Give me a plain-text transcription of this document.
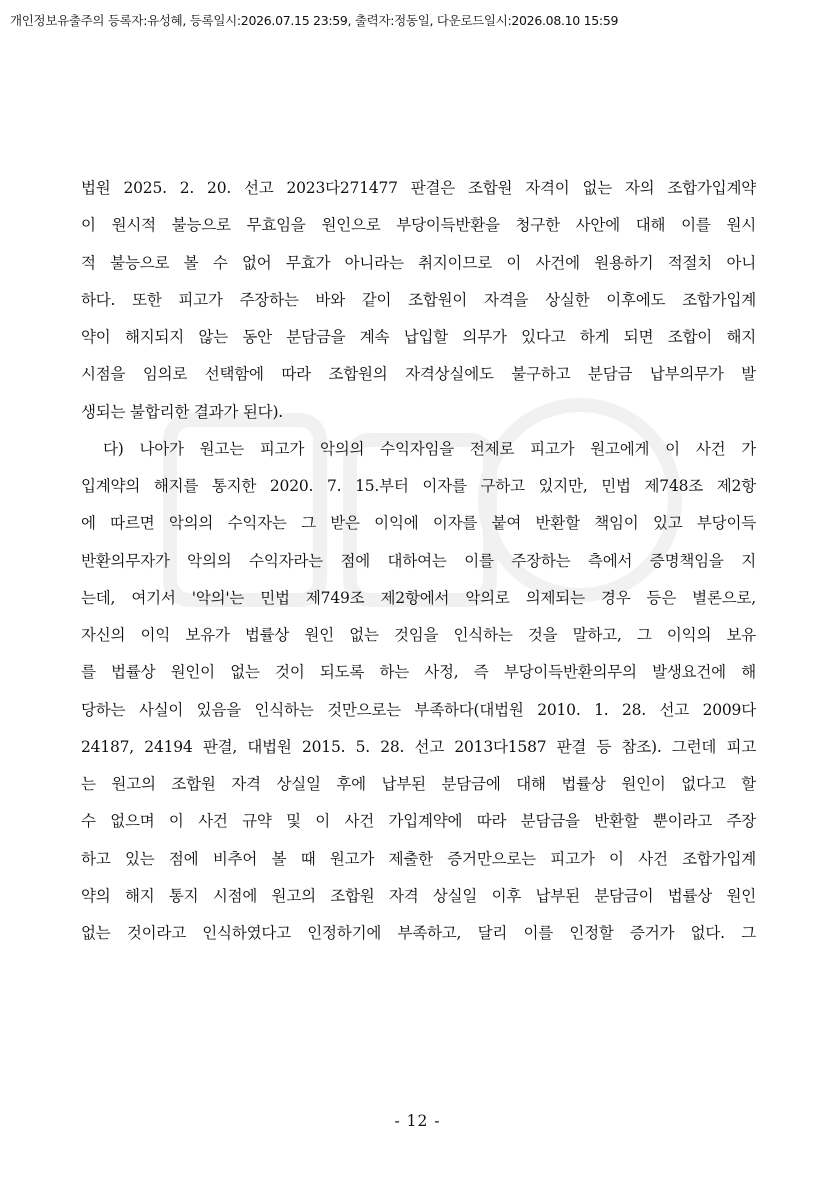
개인정보유출주의 등록자:유성혜, 등록일시:2026.07.15 23:59, 출력자:정동일, 다운로드일시:2026.08.10 15:59
법원 2025. 2. 20. 선고 2023다271477 판결은 조합원 자격이 없는 자의 조합가입계약
이 원시적 불능으로 무효임을 원인으로 부당이득반환을 청구한 사안에 대해 이를 원시
적 불능으로 볼 수 없어 무효가 아니라는 취지이므로 이 사건에 원용하기 적절치 아니
하다. 또한 피고가 주장하는 바와 같이 조합원이 자격을 상실한 이후에도 조합가입계
약이 해지되지 않는 동안 분담금을 계속 납입할 의무가 있다고 하게 되면 조합이 해지
시점을 임의로 선택함에 따라 조합원의 자격상실에도 불구하고 분담금 납부의무가 발
생되는 불합리한 결과가 된다).
다) 나아가 원고는 피고가 악의의 수익자임을 전제로 피고가 원고에게 이 사건 가
입계약의 해지를 통지한 2020. 7. 15.부터 이자를 구하고 있지만, 민법 제748조 제2항
에 따르면 악의의 수익자는 그 받은 이익에 이자를 붙여 반환할 책임이 있고 부당이득
반환의무자가 악의의 수익자라는 점에 대하여는 이를 주장하는 측에서 증명책임을 지
는데, 여기서 '악의'는 민법 제749조 제2항에서 악의로 의제되는 경우 등은 별론으로,
자신의 이익 보유가 법률상 원인 없는 것임을 인식하는 것을 말하고, 그 이익의 보유
를 법률상 원인이 없는 것이 되도록 하는 사정, 즉 부당이득반환의무의 발생요건에 해
당하는 사실이 있음을 인식하는 것만으로는 부족하다(대법원 2010. 1. 28. 선고 2009다
24187, 24194 판결, 대법원 2015. 5. 28. 선고 2013다1587 판결 등 참조). 그런데 피고
는 원고의 조합원 자격 상실일 후에 납부된 분담금에 대해 법률상 원인이 없다고 할
수 없으며 이 사건 규약 및 이 사건 가입계약에 따라 분담금을 반환할 뿐이라고 주장
하고 있는 점에 비추어 볼 때 원고가 제출한 증거만으로는 피고가 이 사건 조합가입계
약의 해지 통지 시점에 원고의 조합원 자격 상실일 이후 납부된 분담금이 법률상 원인
없는 것이라고 인식하였다고 인정하기에 부족하고, 달리 이를 인정할 증거가 없다. 그
- 12 -
